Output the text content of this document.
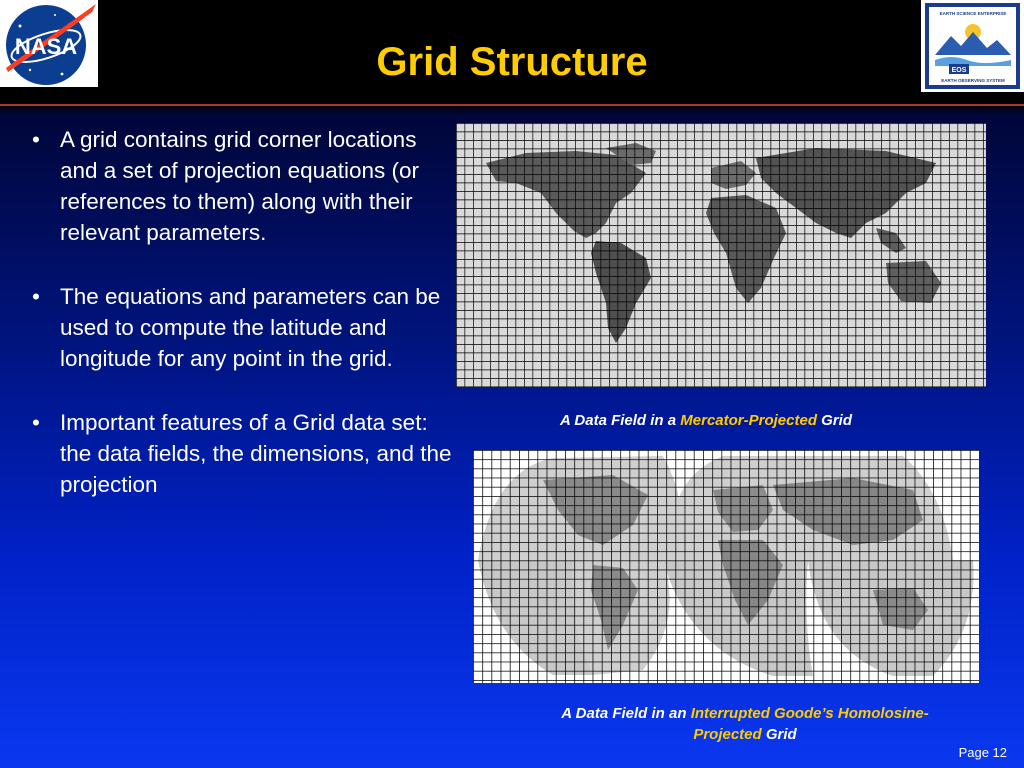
NASA
EARTH SCIENCE ENTERPRISE
EOS
EARTH OBSERVING SYSTEM
Grid Structure
• A grid contains grid corner locations and a set of projection equations (or references to them) along with their relevant parameters.
• The equations and parameters can be used to compute the latitude and longitude for any point in the grid.
• Important features of a Grid data set: the data fields, the dimensions, and the projection
A Data Field in a Mercator-Projected Grid
A Data Field in an Interrupted Goode’s Homolosine-Projected Grid
Page 12
